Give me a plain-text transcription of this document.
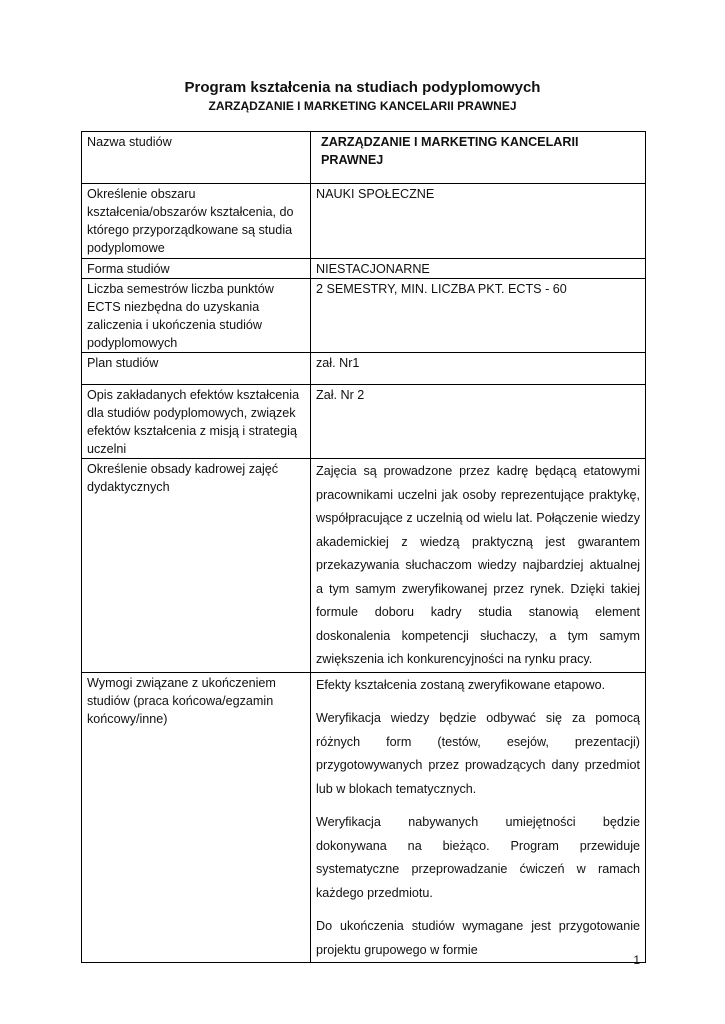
Program kształcenia na studiach podyplomowych
ZARZĄDZANIE I MARKETING KANCELARII PRAWNEJ
Nazwa studiów	ZARZĄDZANIE I MARKETING KANCELARII PRAWNEJ
Określenie obszaru kształcenia/obszarów kształcenia, do którego przyporządkowane są studia podyplomowe	NAUKI SPOŁECZNE
Forma studiów	NIESTACJONARNE
Liczba semestrów liczba punktów ECTS niezbędna do uzyskania zaliczenia i ukończenia studiów podyplomowych	2 SEMESTRY, MIN. LICZBA PKT. ECTS - 60
Plan studiów	zał. Nr1
Opis zakładanych efektów kształcenia dla studiów podyplomowych, związek efektów kształcenia z misją i strategią uczelni	Zał. Nr 2
Określenie obsady kadrowej zajęć dydaktycznych	Zajęcia są prowadzone przez kadrę będącą etatowymi pracownikami uczelni jak osoby reprezentujące praktykę, współpracujące z uczelnią od wielu lat. Połączenie wiedzy akademickiej z wiedzą praktyczną jest gwarantem przekazywania słuchaczom wiedzy najbardziej aktualnej a tym samym zweryfikowanej przez rynek. Dzięki takiej formule doboru kadry studia stanowią element doskonalenia kompetencji słuchaczy, a tym samym zwiększenia ich konkurencyjności na rynku pracy.
Wymogi związane z ukończeniem studiów (praca końcowa/egzamin końcowy/inne)	Efekty kształcenia zostaną zweryfikowane etapowo.

Weryfikacja wiedzy będzie odbywać się za pomocą różnych form (testów, esejów, prezentacji) przygotowywanych przez prowadzących dany przedmiot lub w blokach tematycznych.

Weryfikacja nabywanych umiejętności będzie dokonywana na bieżąco. Program przewiduje systematyczne przeprowadzanie ćwiczeń w ramach każdego przedmiotu.

Do ukończenia studiów wymagane jest przygotowanie projektu grupowego w formie

1
